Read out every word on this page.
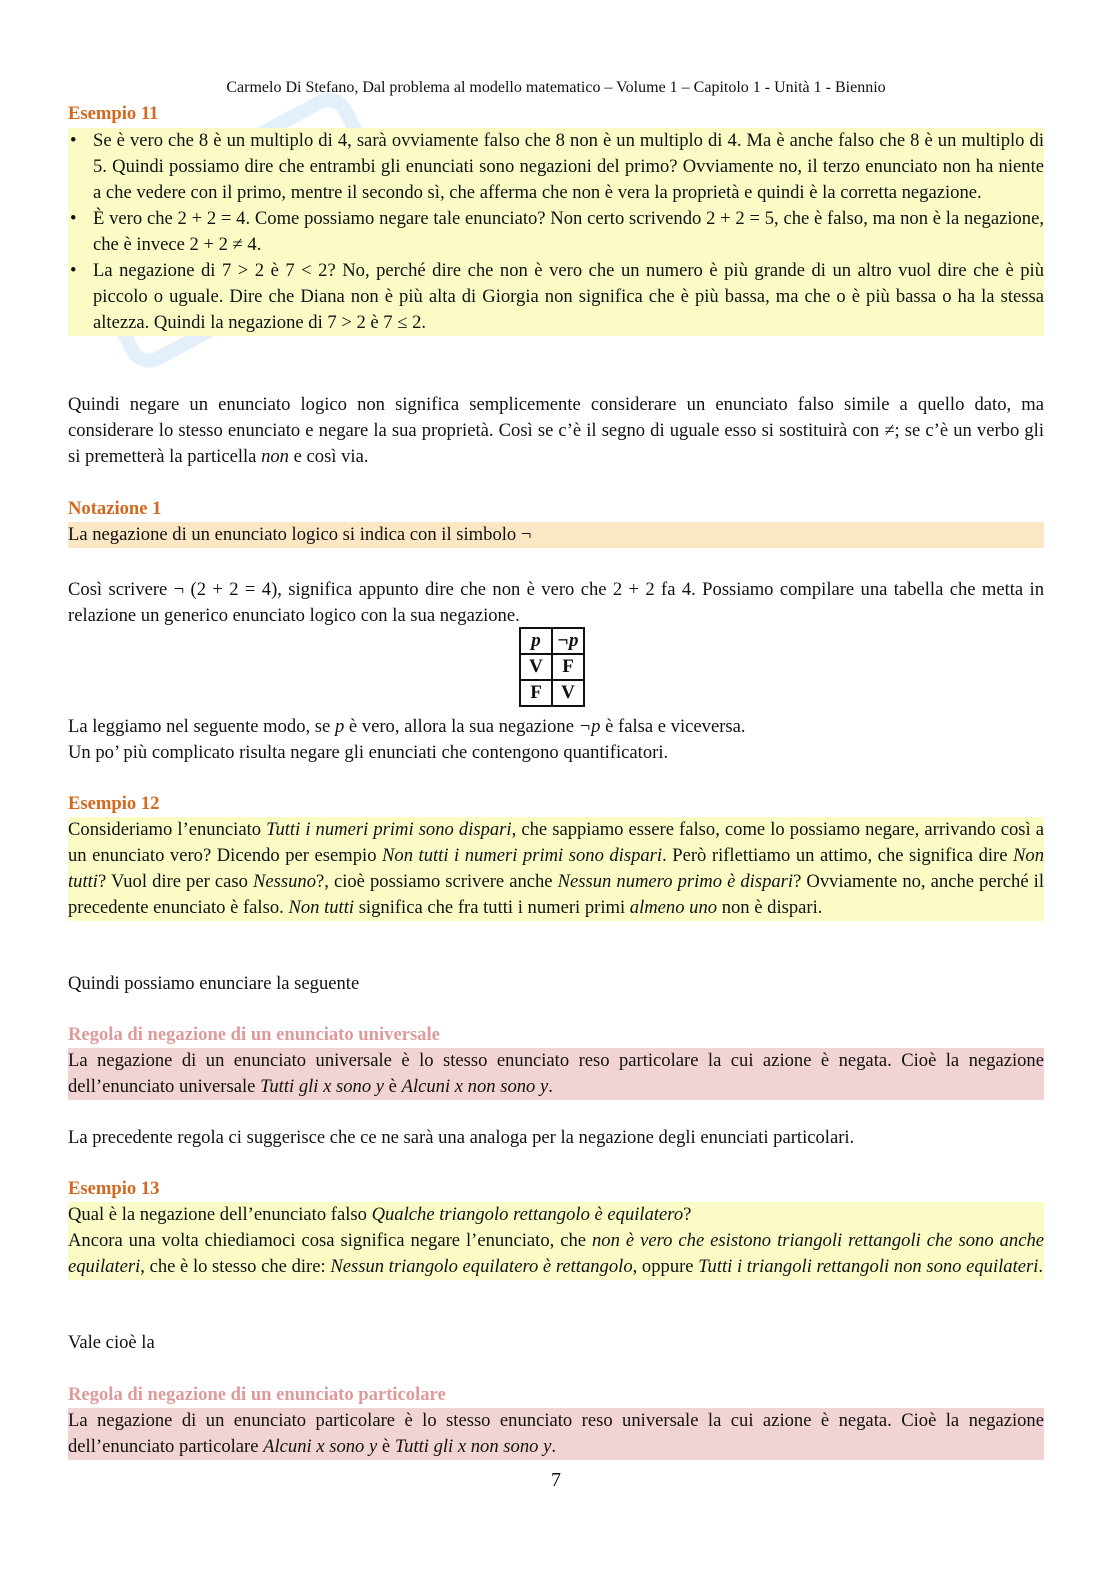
Carmelo Di Stefano, Dal problema al modello matematico – Volume 1 – Capitolo 1 - Unità 1 - Biennio
Esempio 11
• Se è vero che 8 è un multiplo di 4, sarà ovviamente falso che 8 non è un multiplo di 4. Ma è anche falso che 8 è un multiplo di 5. Quindi possiamo dire che entrambi gli enunciati sono negazioni del primo? Ovviamente no, il terzo enunciato non ha niente a che vedere con il primo, mentre il secondo sì, che afferma che non è vera la proprietà e quindi è la corretta negazione.
• È vero che 2 + 2 = 4. Come possiamo negare tale enunciato? Non certo scrivendo 2 + 2 = 5, che è falso, ma non è la negazione, che è invece 2 + 2 ≠ 4.
• La negazione di 7 > 2 è 7 < 2? No, perché dire che non è vero che un numero è più grande di un altro vuol dire che è più piccolo o uguale. Dire che Diana non è più alta di Giorgia non significa che è più bassa, ma che o è più bassa o ha la stessa altezza. Quindi la negazione di 7 > 2 è 7 ≤ 2.
Quindi negare un enunciato logico non significa semplicemente considerare un enunciato falso simile a quello dato, ma considerare lo stesso enunciato e negare la sua proprietà. Così se c’è il segno di uguale esso si sostituirà con ≠; se c’è un verbo gli si premetterà la particella non e così via.
Notazione 1
La negazione di un enunciato logico si indica con il simbolo ¬
Così scrivere ¬ (2 + 2 = 4), significa appunto dire che non è vero che 2 + 2 fa 4. Possiamo compilare una tabella che metta in relazione un generico enunciato logico con la sua negazione.
p	¬p
V	F
F	V
La leggiamo nel seguente modo, se p è vero, allora la sua negazione ¬p è falsa e viceversa.
Un po’ più complicato risulta negare gli enunciati che contengono quantificatori.
Esempio 12
Consideriamo l’enunciato Tutti i numeri primi sono dispari, che sappiamo essere falso, come lo possiamo negare, arrivando così a un enunciato vero? Dicendo per esempio Non tutti i numeri primi sono dispari. Però riflettiamo un attimo, che significa dire Non tutti? Vuol dire per caso Nessuno?, cioè possiamo scrivere anche Nessun numero primo è dispari? Ovviamente no, anche perché il precedente enunciato è falso. Non tutti significa che fra tutti i numeri primi almeno uno non è dispari.
Quindi possiamo enunciare la seguente
Regola di negazione di un enunciato universale
La negazione di un enunciato universale è lo stesso enunciato reso particolare la cui azione è negata. Cioè la negazione dell’enunciato universale Tutti gli x sono y è Alcuni x non sono y.
La precedente regola ci suggerisce che ce ne sarà una analoga per la negazione degli enunciati particolari.
Esempio 13
Qual è la negazione dell’enunciato falso Qualche triangolo rettangolo è equilatero?
Ancora una volta chiediamoci cosa significa negare l’enunciato, che non è vero che esistono triangoli rettangoli che sono anche equilateri, che è lo stesso che dire: Nessun triangolo equilatero è rettangolo, oppure Tutti i triangoli rettangoli non sono equilateri.
Vale cioè la
Regola di negazione di un enunciato particolare
La negazione di un enunciato particolare è lo stesso enunciato reso universale la cui azione è negata. Cioè la negazione dell’enunciato particolare Alcuni x sono y è Tutti gli x non sono y.
7
